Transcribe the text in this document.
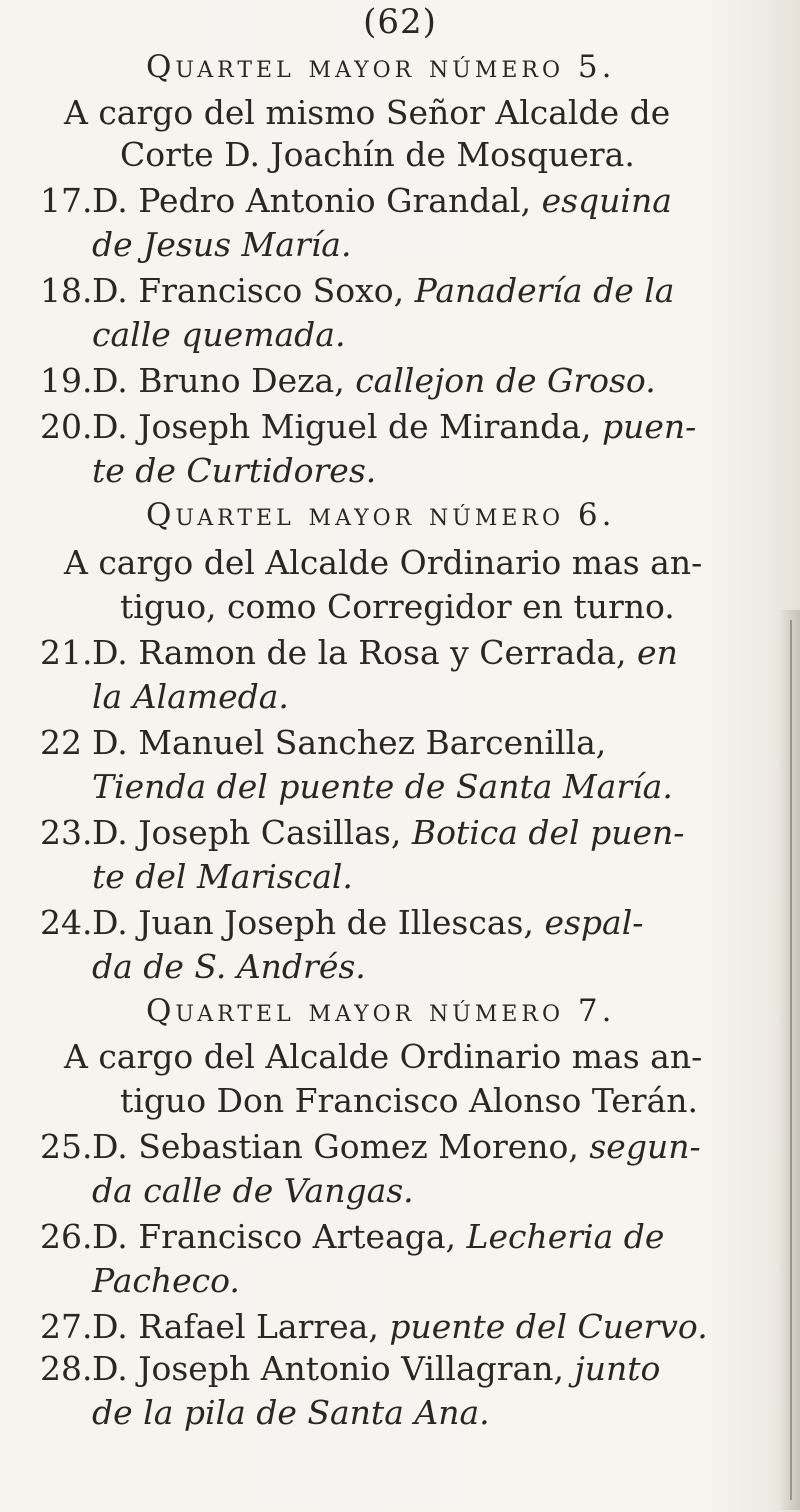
(62)
Quartel mayor número 5.
A cargo del mismo Señor Alcalde de
Corte D. Joachín de Mosquera.
17.D. Pedro Antonio Grandal, esquina
de Jesus María.
18.D. Francisco Soxo, Panadería de la
calle quemada.
19.D. Bruno Deza, callejon de Groso.
20.D. Joseph Miguel de Miranda, puen-
te de Curtidores.
Quartel mayor número 6.
A cargo del Alcalde Ordinario mas an-
tiguo, como Corregidor en turno.
21.D. Ramon de la Rosa y Cerrada, en
la Alameda.
22 D. Manuel Sanchez Barcenilla,
Tienda del puente de Santa María.
23.D. Joseph Casillas, Botica del puen-
te del Mariscal.
24.D. Juan Joseph de Illescas, espal-
da de S. Andrés.
Quartel mayor número 7.
A cargo del Alcalde Ordinario mas an-
tiguo Don Francisco Alonso Terán.
25.D. Sebastian Gomez Moreno, segun-
da calle de Vangas.
26.D. Francisco Arteaga, Lecheria de
Pacheco.
27.D. Rafael Larrea, puente del Cuervo.
28.D. Joseph Antonio Villagran, junto
de la pila de Santa Ana.
